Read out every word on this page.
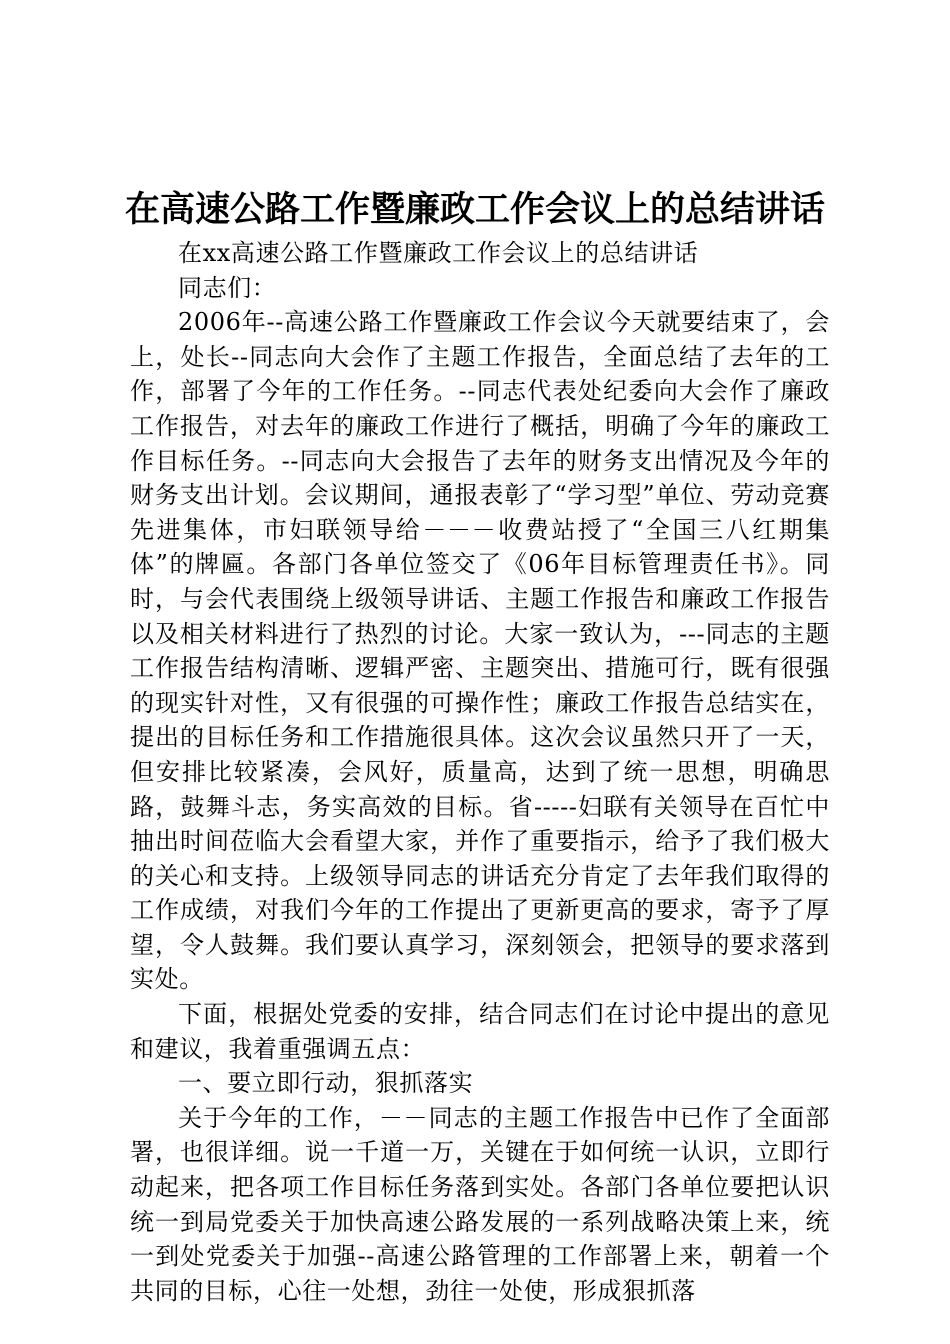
在高速公路工作暨廉政工作会议上的总结讲话

在xx高速公路工作暨廉政工作会议上的总结讲话

同志们：

2006年--高速公路工作暨廉政工作会议今天就要结束了，会上，处长--同志向大会作了主题工作报告，全面总结了去年的工作，部署了今年的工作任务。--同志代表处纪委向大会作了廉政工作报告，对去年的廉政工作进行了概括，明确了今年的廉政工作目标任务。--同志向大会报告了去年的财务支出情况及今年的财务支出计划。会议期间，通报表彰了“学习型”单位、劳动竞赛先进集体，市妇联领导给－－－收费站授了“全国三八红期集体”的牌匾。各部门各单位签交了《06年目标管理责任书》。同时，与会代表围绕上级领导讲话、主题工作报告和廉政工作报告以及相关材料进行了热烈的讨论。大家一致认为，---同志的主题工作报告结构清晰、逻辑严密、主题突出、措施可行，既有很强的现实针对性，又有很强的可操作性；廉政工作报告总结实在，提出的目标任务和工作措施很具体。这次会议虽然只开了一天，但安排比较紧凑，会风好，质量高，达到了统一思想，明确思路，鼓舞斗志，务实高效的目标。省-----妇联有关领导在百忙中抽出时间莅临大会看望大家，并作了重要指示，给予了我们极大的关心和支持。上级领导同志的讲话充分肯定了去年我们取得的工作成绩，对我们今年的工作提出了更新更高的要求，寄予了厚望，令人鼓舞。我们要认真学习，深刻领会，把领导的要求落到实处。

下面，根据处党委的安排，结合同志们在讨论中提出的意见和建议，我着重强调五点：

一、要立即行动，狠抓落实

关于今年的工作，－－同志的主题工作报告中已作了全面部署，也很详细。说一千道一万，关键在于如何统一认识，立即行动起来，把各项工作目标任务落到实处。各部门各单位要把认识统一到局党委关于加快高速公路发展的一系列战略决策上来，统一到处党委关于加强--高速公路管理的工作部署上来，朝着一个共同的目标，心往一处想，劲往一处使，形成狠抓落
